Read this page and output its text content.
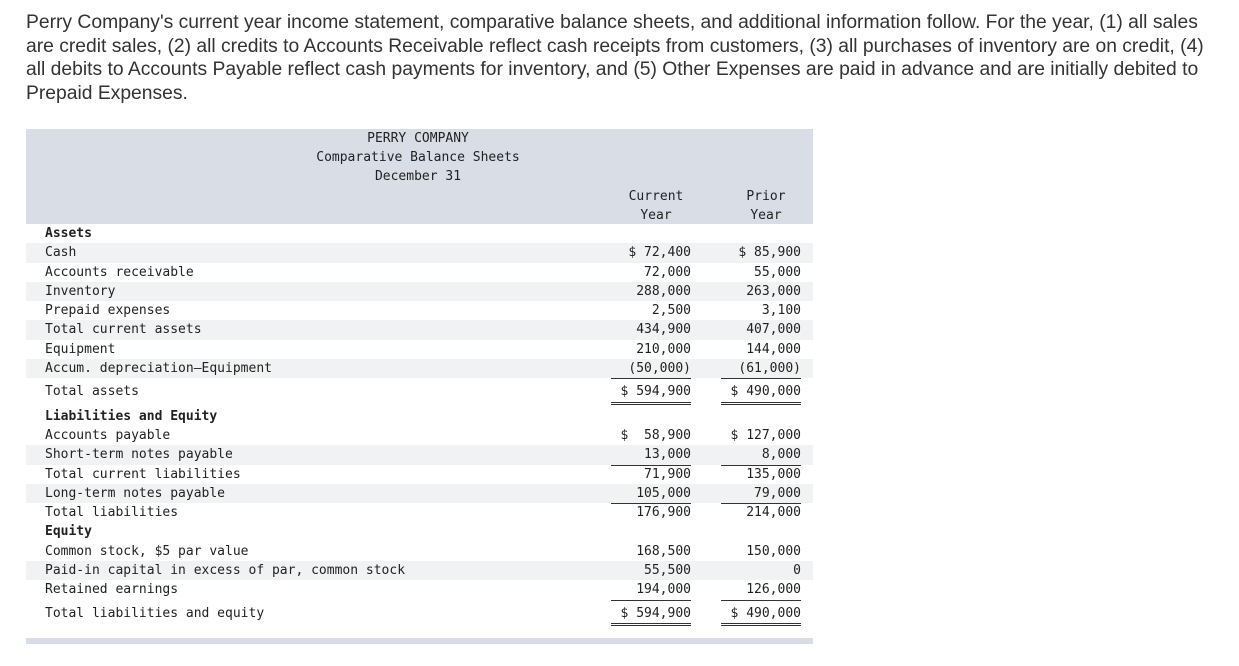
Perry Company's current year income statement, comparative balance sheets, and additional information follow. For the year, (1) all sales are credit sales, (2) all credits to Accounts Receivable reflect cash receipts from customers, (3) all purchases of inventory are on credit, (4) all debits to Accounts Payable reflect cash payments for inventory, and (5) Other Expenses are paid in advance and are initially debited to Prepaid Expenses.
PERRY COMPANY
Comparative Balance Sheets
December 31
Current
Year
Prior
Year
Assets
Cash	$ 72,400	$ 85,900
Accounts receivable	72,000	55,000
Inventory	288,000	263,000
Prepaid expenses	2,500	3,100
Total current assets	434,900	407,000
Equipment	210,000	144,000
Accum. depreciation—Equipment	(50,000)	(61,000)
Total assets	$ 594,900	$ 490,000
Liabilities and Equity
Accounts payable	$  58,900	$ 127,000
Short-term notes payable	13,000	8,000
Total current liabilities	71,900	135,000
Long-term notes payable	105,000	79,000
Total liabilities	176,900	214,000
Equity
Common stock, $5 par value	168,500	150,000
Paid-in capital in excess of par, common stock	55,500	0
Retained earnings	194,000	126,000
Total liabilities and equity	$ 594,900	$ 490,000
